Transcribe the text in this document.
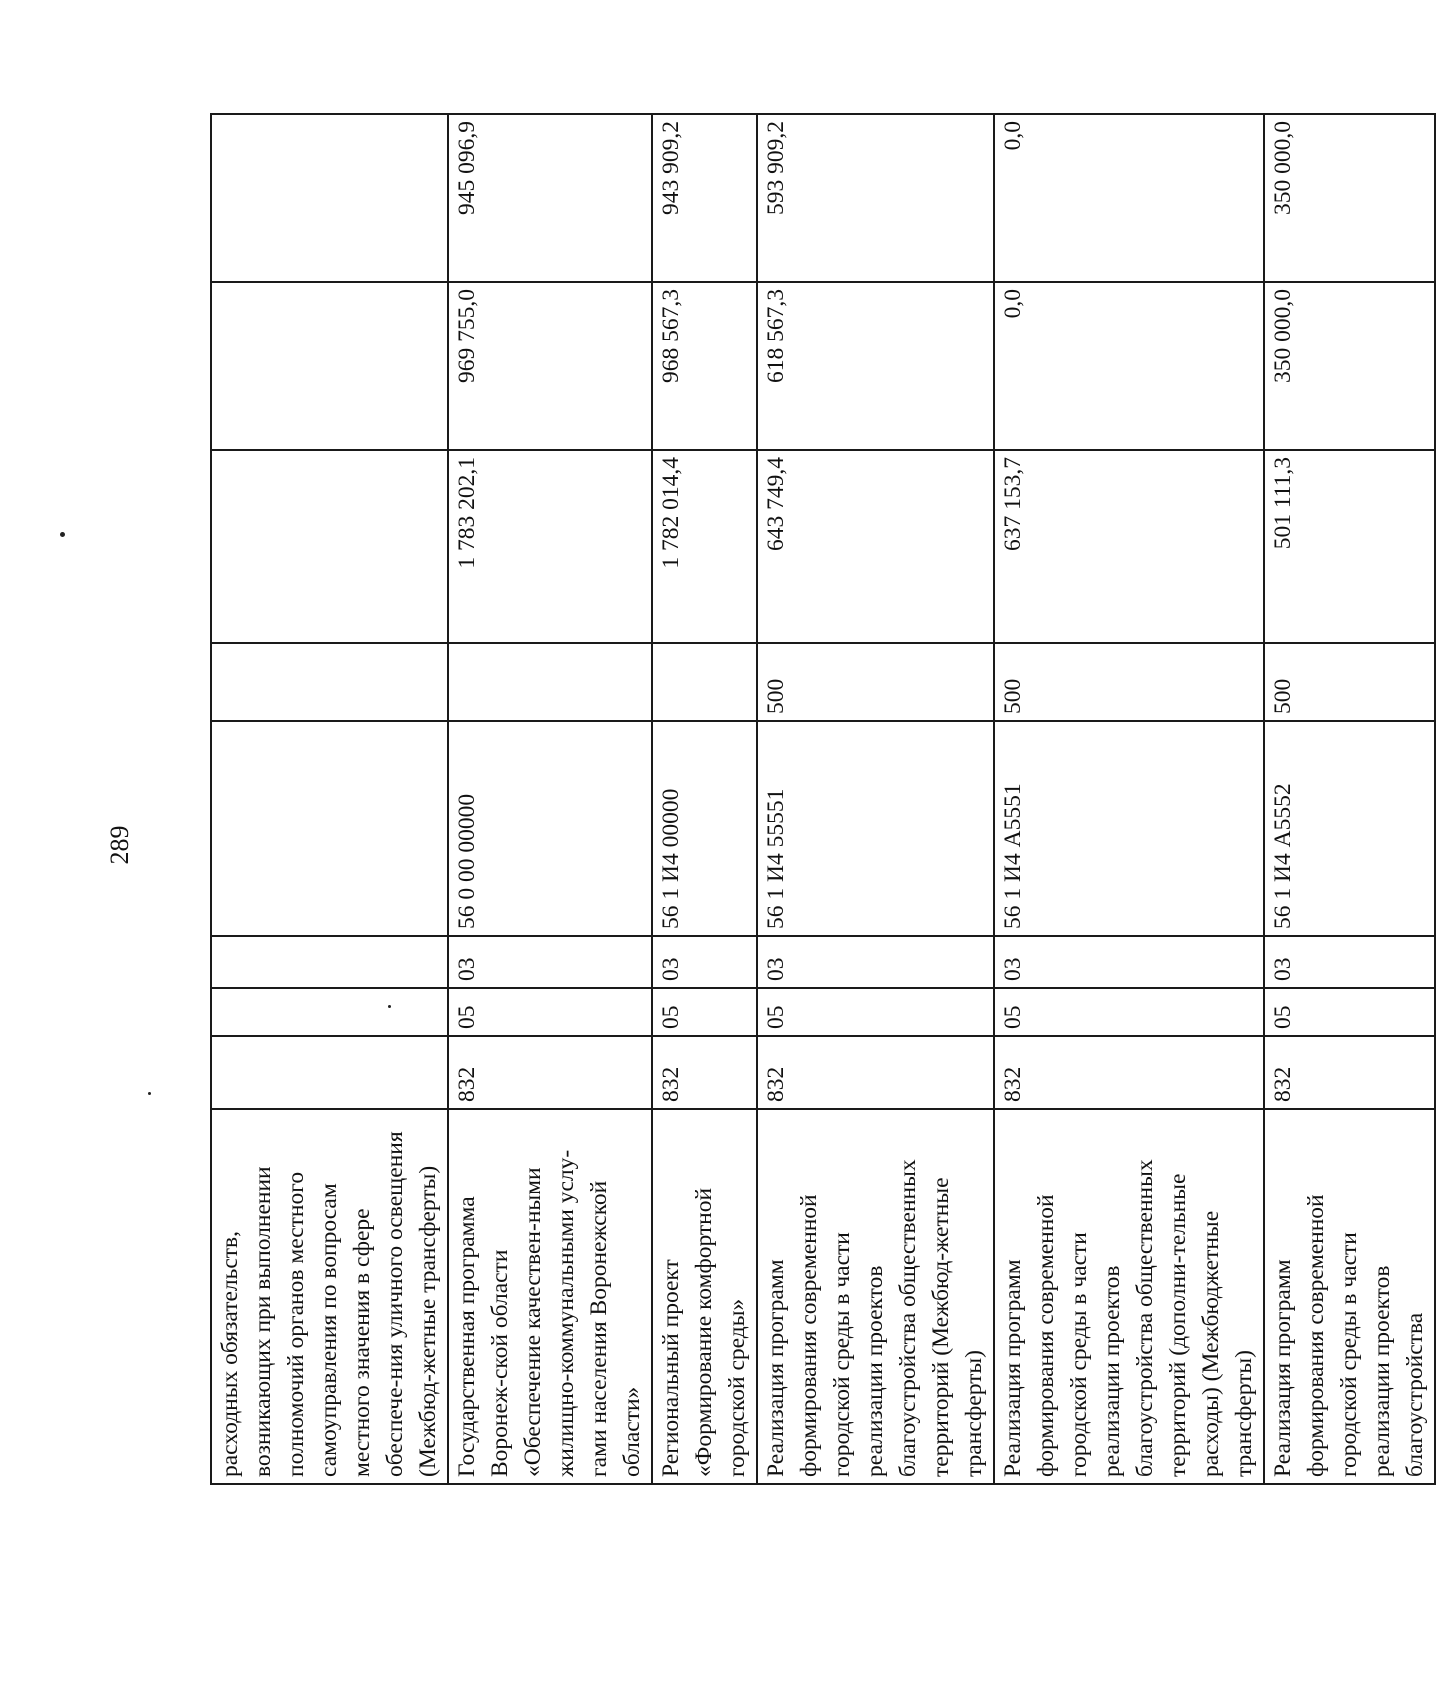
289
расходных обязательств, возникающих при выполнении полномочий органов местного самоуправления по вопросам местного значения в сфере обеспече-ния уличного освещения (Межбюд-жетные трансферты)								
Государственная программа Воронеж-ской области «Обеспечение качествен-ными жилищно-коммунальными услу-гами населения Воронежской области»	832	05	03	56 0 00 00000		1 783 202,1	969 755,0	945 096,9
Региональный проект «Формирование комфортной городской среды»	832	05	03	56 1 И4 00000		1 782 014,4	968 567,3	943 909,2
Реализация программ формирования современной городской среды в части реализации проектов благоустройства общественных территорий (Межбюд-жетные трансферты)	832	05	03	56 1 И4 55551	500	643 749,4	618 567,3	593 909,2
Реализация программ формирования современной городской среды в части реализации проектов благоустройства общественных территорий (дополни-тельные расходы) (Межбюджетные трансферты)	832	05	03	56 1 И4 А5551	500	637 153,7	0,0	0,0
Реализация программ формирования современной городской среды в части реализации проектов благоустройства	832	05	03	56 1 И4 А5552	500	501 111,3	350 000,0	350 000,0
